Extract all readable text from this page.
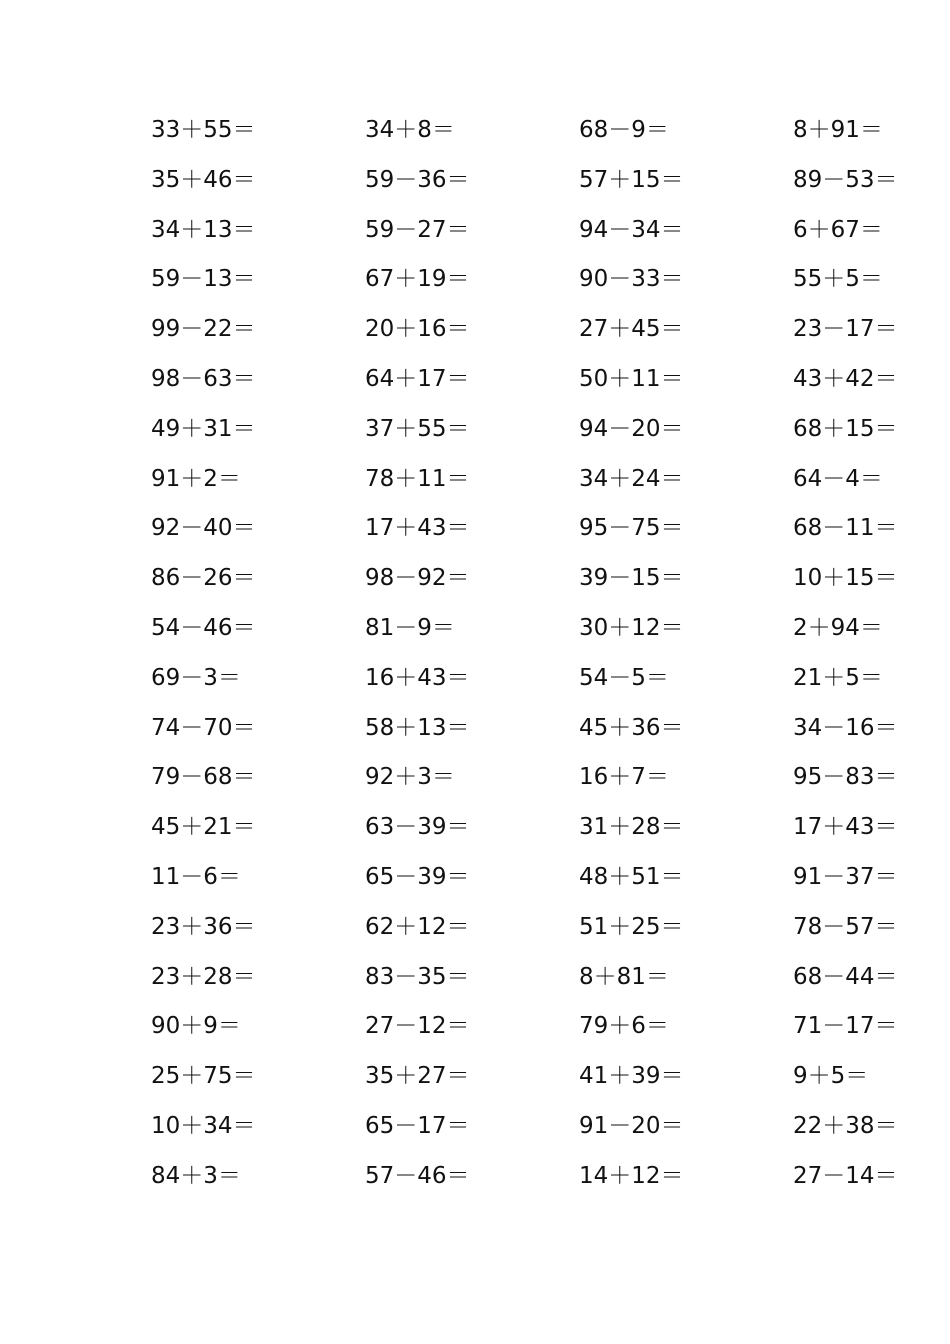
33＋55＝	34＋8＝	68－9＝	8＋91＝
35＋46＝	59－36＝	57＋15＝	89－53＝
34＋13＝	59－27＝	94－34＝	6＋67＝
59－13＝	67＋19＝	90－33＝	55＋5＝
99－22＝	20＋16＝	27＋45＝	23－17＝
98－63＝	64＋17＝	50＋11＝	43＋42＝
49＋31＝	37＋55＝	94－20＝	68＋15＝
91＋2＝	78＋11＝	34＋24＝	64－4＝
92－40＝	17＋43＝	95－75＝	68－11＝
86－26＝	98－92＝	39－15＝	10＋15＝
54－46＝	81－9＝	30＋12＝	2＋94＝
69－3＝	16＋43＝	54－5＝	21＋5＝
74－70＝	58＋13＝	45＋36＝	34－16＝
79－68＝	92＋3＝	16＋7＝	95－83＝
45＋21＝	63－39＝	31＋28＝	17＋43＝
11－6＝	65－39＝	48＋51＝	91－37＝
23＋36＝	62＋12＝	51＋25＝	78－57＝
23＋28＝	83－35＝	8＋81＝	68－44＝
90＋9＝	27－12＝	79＋6＝	71－17＝
25＋75＝	35＋27＝	41＋39＝	9＋5＝
10＋34＝	65－17＝	91－20＝	22＋38＝
84＋3＝	57－46＝	14＋12＝	27－14＝
